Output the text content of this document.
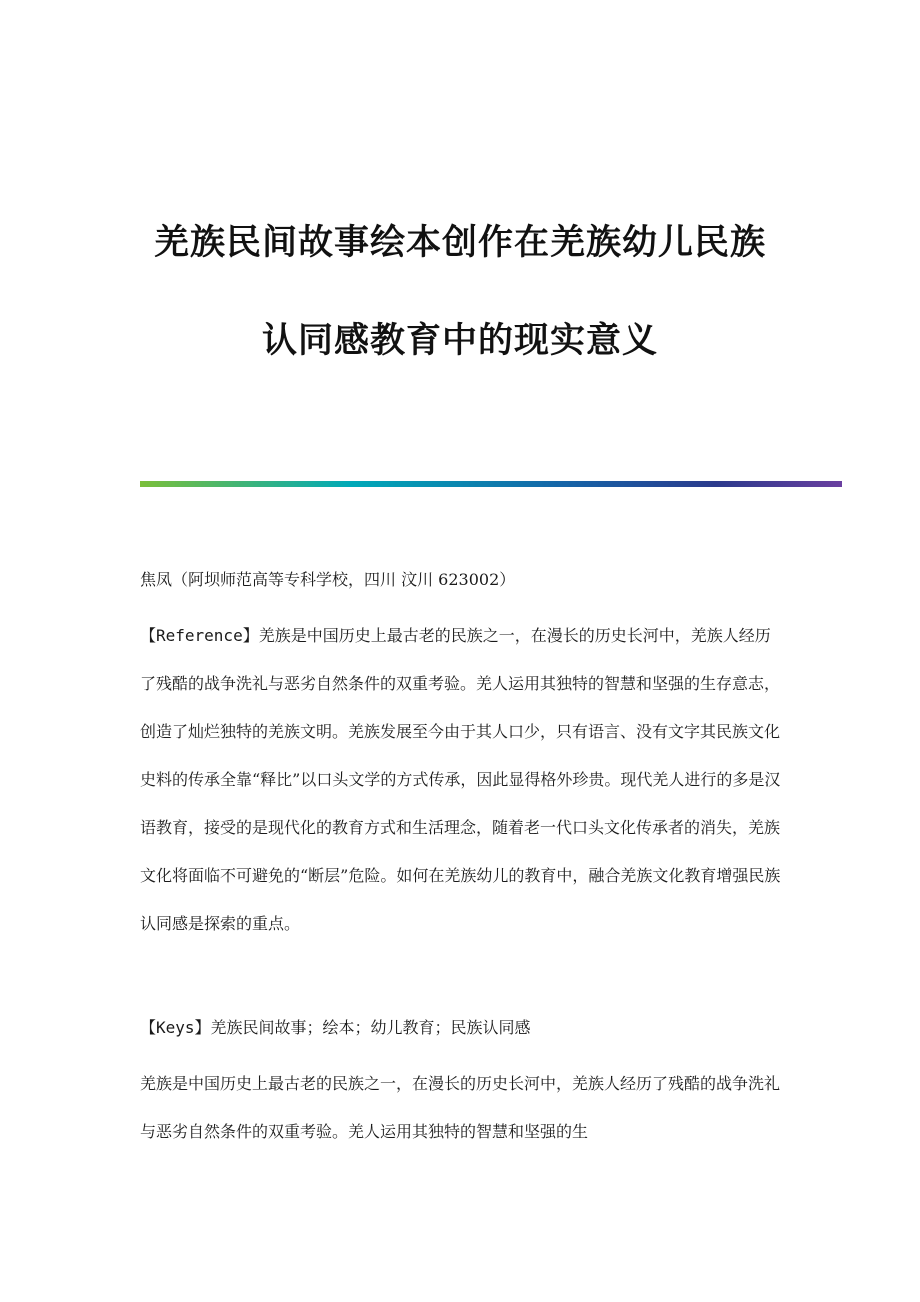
羌族民间故事绘本创作在羌族幼儿民族
认同感教育中的现实意义

焦凤（阿坝师范高等专科学校，四川 汶川 623002）

【Reference】羌族是中国历史上最古老的民族之一，在漫长的历史长河中，羌族人经历了残酷的战争洗礼与恶劣自然条件的双重考验。羌人运用其独特的智慧和坚强的生存意志，创造了灿烂独特的羌族文明。羌族发展至今由于其人口少，只有语言、没有文字其民族文化史料的传承全靠“释比”以口头文学的方式传承，因此显得格外珍贵。现代羌人进行的多是汉语教育，接受的是现代化的教育方式和生活理念，随着老一代口头文化传承者的消失，羌族文化将面临不可避免的“断层”危险。如何在羌族幼儿的教育中，融合羌族文化教育增强民族认同感是探索的重点。

【Keys】羌族民间故事；绘本；幼儿教育；民族认同感

羌族是中国历史上最古老的民族之一，在漫长的历史长河中，羌族人经历了残酷的战争洗礼与恶劣自然条件的双重考验。羌人运用其独特的智慧和坚强的生
